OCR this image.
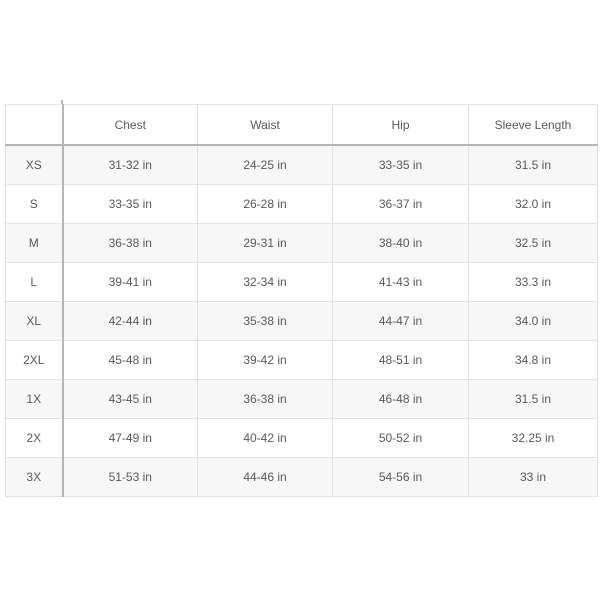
	Chest	Waist	Hip	Sleeve Length
XS	31-32 in	24-25 in	33-35 in	31.5 in
S	33-35 in	26-28 in	36-37 in	32.0 in
M	36-38 in	29-31 in	38-40 in	32.5 in
L	39-41 in	32-34 in	41-43 in	33.3 in
XL	42-44 in	35-38 in	44-47 in	34.0 in
2XL	45-48 in	39-42 in	48-51 in	34.8 in
1X	43-45 in	36-38 in	46-48 in	31.5 in
2X	47-49 in	40-42 in	50-52 in	32.25 in
3X	51-53 in	44-46 in	54-56 in	33 in
